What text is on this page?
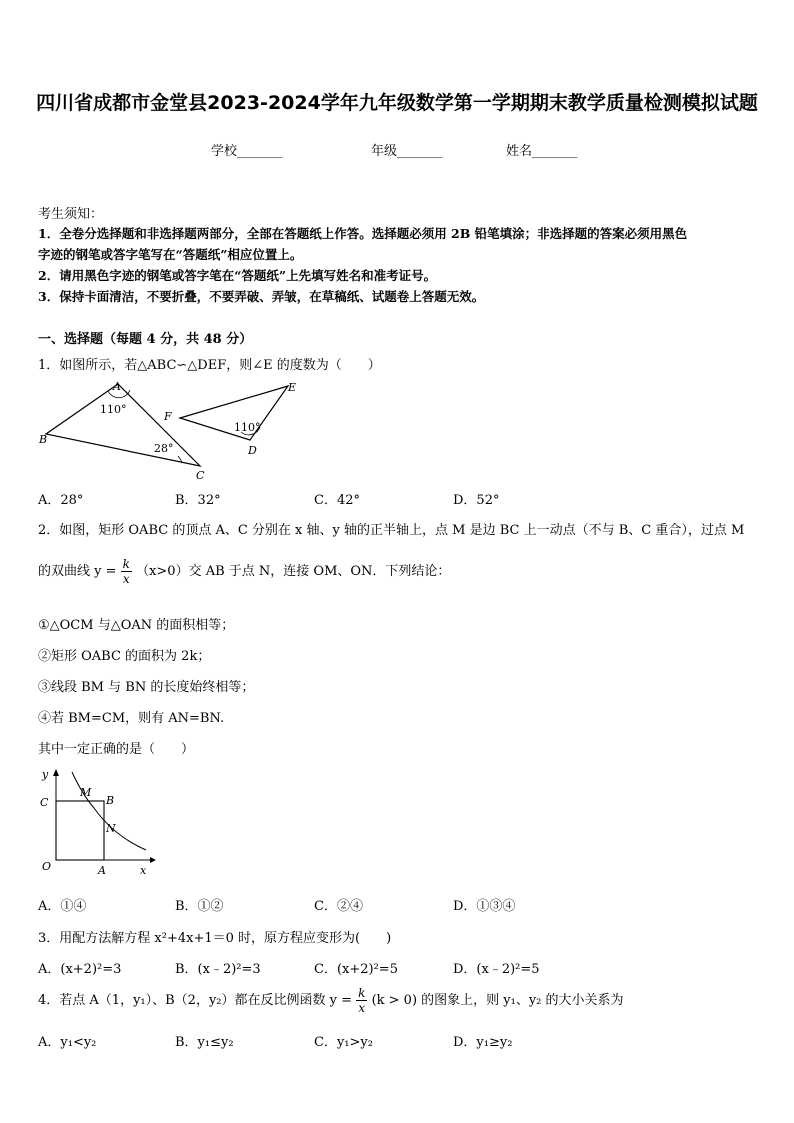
四川省成都市金堂县2023-2024学年九年级数学第一学期期末教学质量检测模拟试题
学校_______	年级_______	姓名_______
考生须知：
1．全卷分选择题和非选择题两部分，全部在答题纸上作答。选择题必须用 2B 铅笔填涂；非选择题的答案必须用黑色
字迹的钢笔或答字笔写在“答题纸”相应位置上。
2．请用黑色字迹的钢笔或答字笔在“答题纸”上先填写姓名和准考证号。
3．保持卡面清洁，不要折叠，不要弄破、弄皱，在草稿纸、试题卷上答题无效。
一、选择题（每题 4 分，共 48 分）
1．如图所示，若△ABC∽△DEF，则∠E 的度数为（　　）
A
B
C
110°
28°
F
E
D
110°
A．28°	B．32°	C．42°	D．52°
2．如图，矩形 OABC 的顶点 A、C 分别在 x 轴、y 轴的正半轴上，点 M 是边 BC 上一动点（不与 B、C 重合），过点 M
的双曲线 $y = \frac{k}{x} (x>0)$交 AB 于点 N，连接 OM、ON．下列结论：
①△OCM 与△OAN 的面积相等；
②矩形 OABC 的面积为 2k；
③线段 BM 与 BN 的长度始终相等；
④若 BM=CM，则有 AN=BN.
其中一定正确的是（　　）
y
x
C
M
B
N
O	A
A．①④	B．①②	C．②④	D．①③④
3．用配方法解方程 x²+4x+1＝0 时，原方程应变形为(　　)
A．(x+2)²=3	B．(x﹣2)²=3	C．(x+2)²=5	D．(x﹣2)²=5
4．若点 A（1，y₁）、B（2，y₂）都在反比例函数 $y = \frac{k}{x} (k > 0)$ 的图象上，则 y₁、y₂ 的大小关系为
A．y₁<y₂	B．y₁≤y₂	C．y₁>y₂	D．y₁≥y₂
